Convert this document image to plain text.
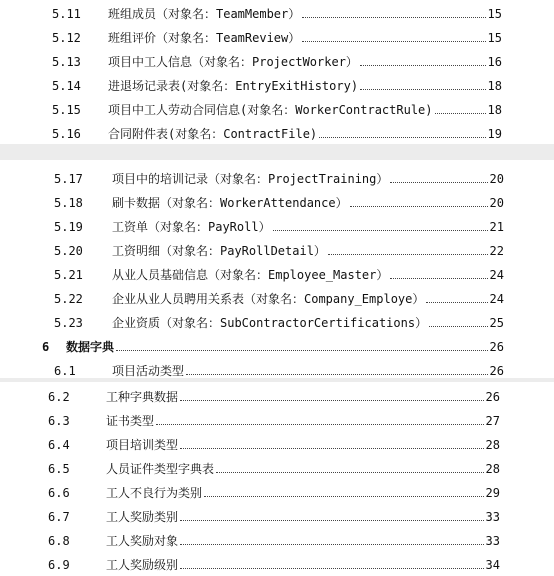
5.11	班组成员（对象名：TeamMember）	15
5.12	班组评价（对象名：TeamReview）	15
5.13	项目中工人信息（对象名：ProjectWorker）	16
5.14	进退场记录表(对象名：EntryExitHistory)	18
5.15	项目中工人劳动合同信息(对象名：WorkerContractRule)	18
5.16	合同附件表(对象名：ContractFile)	19
5.17	项目中的培训记录（对象名：ProjectTraining）	20
5.18	刷卡数据（对象名：WorkerAttendance）	20
5.19	工资单（对象名：PayRoll）	21
5.20	工资明细（对象名：PayRollDetail）	22
5.21	从业人员基础信息（对象名：Employee_Master）	24
5.22	企业从业人员聘用关系表（对象名：Company_Employe）	24
5.23	企业资质（对象名：SubContractorCertifications）	25
6	数据字典	26
6.1	项目活动类型	26
6.2	工种字典数据	26
6.3	证书类型	27
6.4	项目培训类型	28
6.5	人员证件类型字典表	28
6.6	工人不良行为类别	29
6.7	工人奖励类别	33
6.8	工人奖励对象	33
6.9	工人奖励级别	34
